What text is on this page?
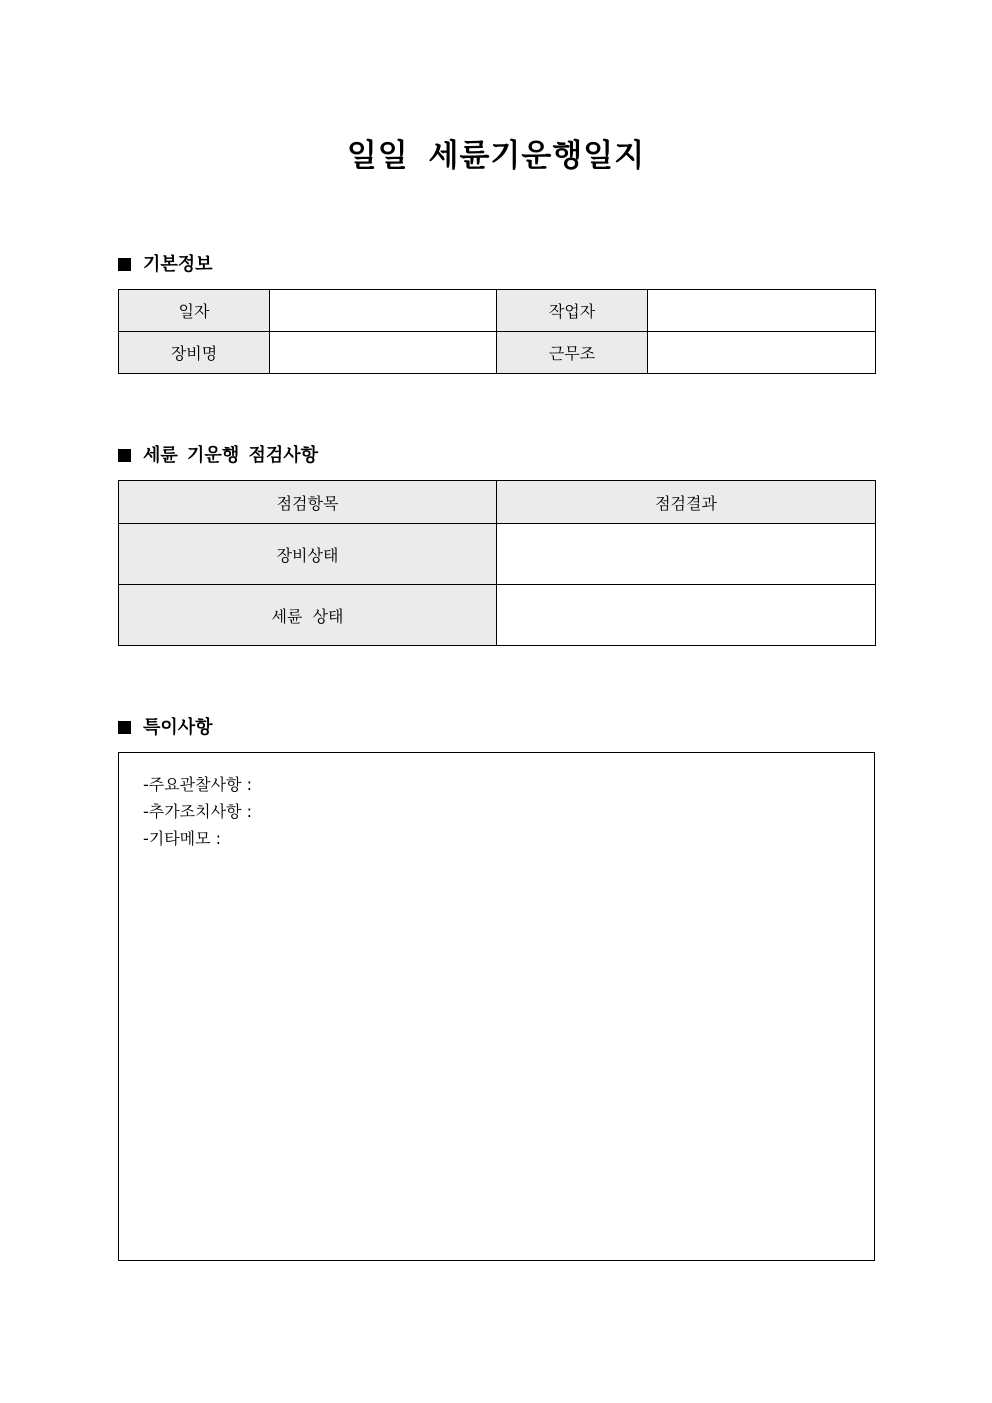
일일 세륜기운행일지
기본정보
일자		작업자	
장비명		근무조	
세륜 기운행 점검사항
점검항목	점검결과
장비상태	
세륜 상태	
특이사항
-주요관찰사항 :
-추가조치사항 :
-기타메모 :
